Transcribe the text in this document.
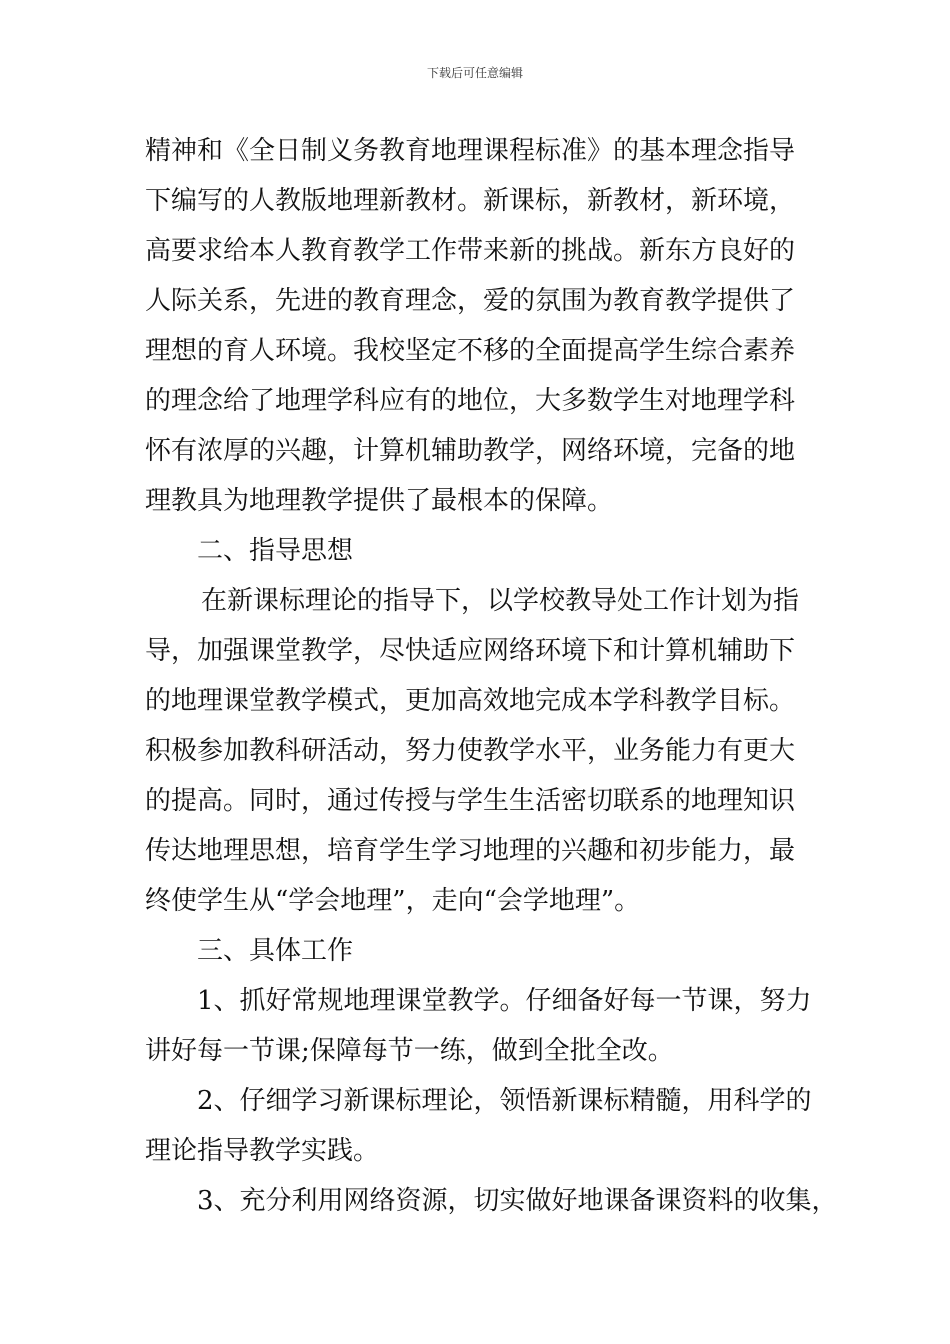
下载后可任意编辑
精神和《全日制义务教育地理课程标准》的基本理念指导
下编写的人教版地理新教材。新课标，新教材，新环境，
高要求给本人教育教学工作带来新的挑战。新东方良好的
人际关系，先进的教育理念，爱的氛围为教育教学提供了
理想的育人环境。我校坚定不移的全面提高学生综合素养
的理念给了地理学科应有的地位，大多数学生对地理学科
怀有浓厚的兴趣，计算机辅助教学，网络环境，完备的地
理教具为地理教学提供了最根本的保障。
二、指导思想
在新课标理论的指导下，以学校教导处工作计划为指
导，加强课堂教学，尽快适应网络环境下和计算机辅助下
的地理课堂教学模式，更加高效地完成本学科教学目标。
积极参加教科研活动，努力使教学水平，业务能力有更大
的提高。同时，通过传授与学生生活密切联系的地理知识
传达地理思想，培育学生学习地理的兴趣和初步能力，最
终使学生从“学会地理”，走向“会学地理”。
三、具体工作
1、抓好常规地理课堂教学。仔细备好每一节课，努力
讲好每一节课;保障每节一练，做到全批全改。
2、仔细学习新课标理论，领悟新课标精髓，用科学的
理论指导教学实践。
3、充分利用网络资源，切实做好地课备课资料的收集，
